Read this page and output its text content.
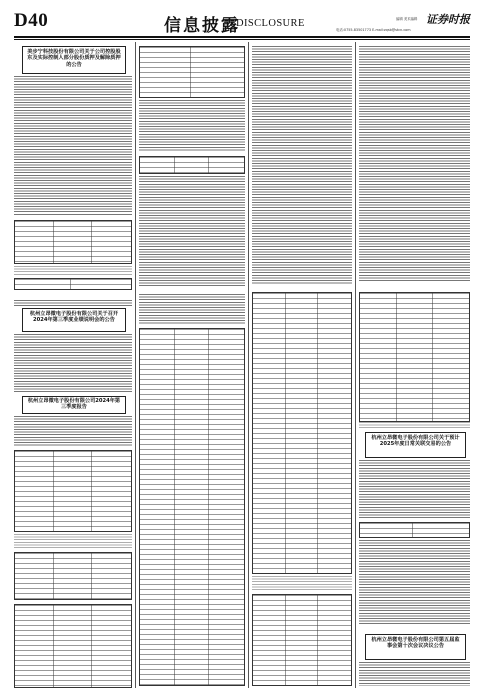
D40	信息披露
DISCLOSURE
电话:0755-83501773 E-mail:zqsb@stcn.com
编辑 美术编辑 证券时报
美步宁科技股份有限公司关于公司控股股东及实际控制人部分股份质押及解除质押的公告
杭州立昂微电子股份有限公司关于召开2024年第三季度业绩说明会的公告
杭州立昂微电子股份有限公司2024年第三季度报告
杭州立昂微电子股份有限公司关于预计2025年度日常关联交易的公告
杭州立昂微电子股份有限公司第五届监事会第十次会议决议公告
